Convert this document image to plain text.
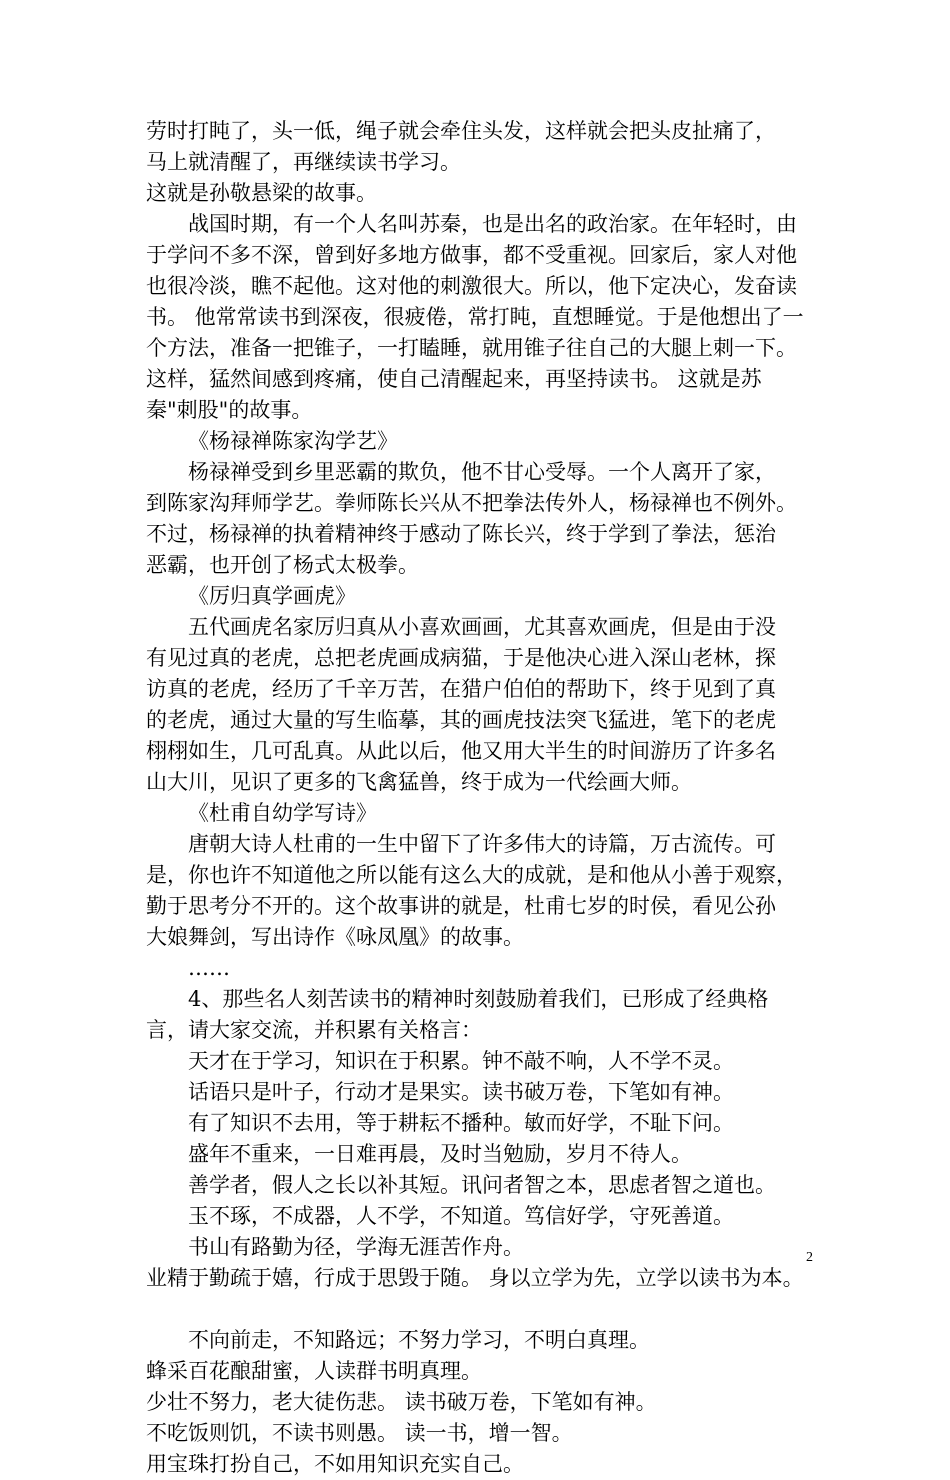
劳时打盹了，头一低，绳子就会牵住头发，这样就会把头皮扯痛了，
马上就清醒了，再继续读书学习。
这就是孙敬悬梁的故事。
战国时期，有一个人名叫苏秦，也是出名的政治家。在年轻时，由
于学问不多不深，曾到好多地方做事，都不受重视。回家后，家人对他
也很冷淡，瞧不起他。这对他的刺激很大。所以，他下定决心，发奋读
书。 他常常读书到深夜，很疲倦，常打盹，直想睡觉。于是他想出了一
个方法，准备一把锥子，一打瞌睡，就用锥子往自己的大腿上刺一下。
这样，猛然间感到疼痛，使自己清醒起来，再坚持读书。 这就是苏
秦"刺股"的故事。
《杨禄禅陈家沟学艺》
杨禄禅受到乡里恶霸的欺负，他不甘心受辱。一个人离开了家，
到陈家沟拜师学艺。拳师陈长兴从不把拳法传外人，杨禄禅也不例外。
不过，杨禄禅的执着精神终于感动了陈长兴，终于学到了拳法，惩治
恶霸，也开创了杨式太极拳。
《厉归真学画虎》
五代画虎名家厉归真从小喜欢画画，尤其喜欢画虎，但是由于没
有见过真的老虎，总把老虎画成病猫，于是他决心进入深山老林，探
访真的老虎，经历了千辛万苦，在猎户伯伯的帮助下，终于见到了真
的老虎，通过大量的写生临摹，其的画虎技法突飞猛进，笔下的老虎
栩栩如生，几可乱真。从此以后，他又用大半生的时间游历了许多名
山大川，见识了更多的飞禽猛兽，终于成为一代绘画大师。
《杜甫自幼学写诗》
唐朝大诗人杜甫的一生中留下了许多伟大的诗篇，万古流传。可
是，你也许不知道他之所以能有这么大的成就，是和他从小善于观察，
勤于思考分不开的。这个故事讲的就是，杜甫七岁的时侯，看见公孙
大娘舞剑，写出诗作《咏凤凰》的故事。
……
4、那些名人刻苦读书的精神时刻鼓励着我们，已形成了经典格
言，请大家交流，并积累有关格言：
天才在于学习，知识在于积累。钟不敲不响，人不学不灵。
话语只是叶子，行动才是果实。读书破万卷，下笔如有神。
有了知识不去用，等于耕耘不播种。敏而好学，不耻下问。
盛年不重来，一日难再晨，及时当勉励，岁月不待人。
善学者，假人之长以补其短。讯问者智之本，思虑者智之道也。
玉不琢，不成器，人不学，不知道。笃信好学，守死善道。
书山有路勤为径，学海无涯苦作舟。
业精于勤疏于嬉，行成于思毁于随。 身以立学为先，立学以读书为本。
不向前走，不知路远；不努力学习，不明白真理。
蜂采百花酿甜蜜，人读群书明真理。
少壮不努力，老大徒伤悲。 读书破万卷，下笔如有神。
不吃饭则饥，不读书则愚。 读一书，增一智。
用宝珠打扮自己，不如用知识充实自己。
2
